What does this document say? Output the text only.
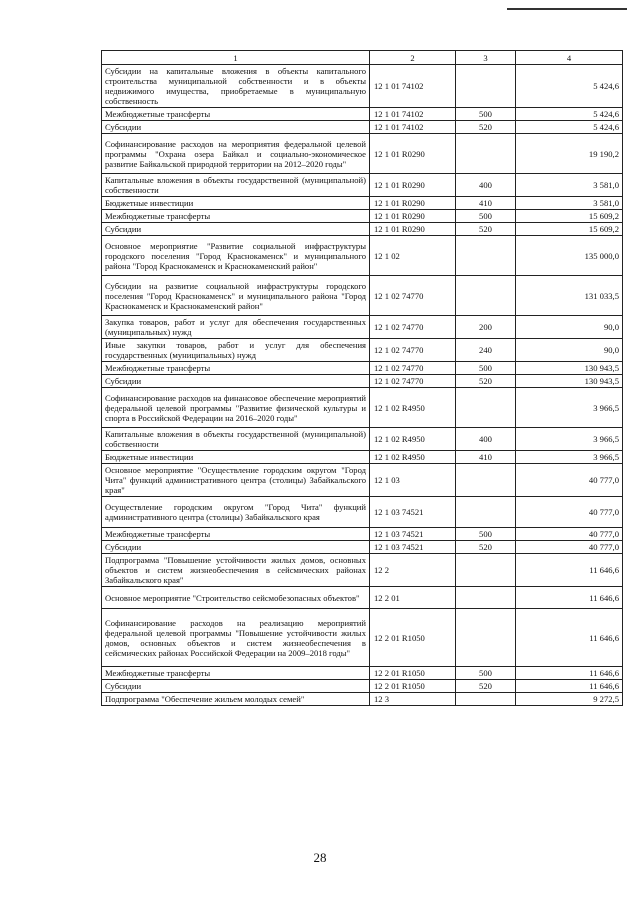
1	2	3	4
Субсидии на капитальные вложения в объекты капитального строительства муниципальной собственности и в объекты недвижимого имущества, приобретаемые в муниципальную собственность	12 1 01 74102		5 424,6
Межбюджетные трансферты	12 1 01 74102	500	5 424,6
Субсидии	12 1 01 74102	520	5 424,6
Софинансирование расходов на мероприятия федеральной целевой программы "Охрана озера Байкал и социально-экономическое развитие Байкальской природной территории на 2012–2020 годы"	12 1 01 R0290		19 190,2
Капитальные вложения в объекты государственной (муниципальной) собственности	12 1 01 R0290	400	3 581,0
Бюджетные инвестиции	12 1 01 R0290	410	3 581,0
Межбюджетные трансферты	12 1 01 R0290	500	15 609,2
Субсидии	12 1 01 R0290	520	15 609,2
Основное мероприятие "Развитие социальной инфраструктуры городского поселения "Город Краснокаменск" и муниципального района "Город Краснокаменск и Краснокаменский район"	12 1 02		135 000,0
Субсидии на развитие социальной инфраструктуры городского поселения "Город Краснокаменск" и муниципального района "Город Краснокаменск и Краснокаменский район"	12 1 02 74770		131 033,5
Закупка товаров, работ и услуг для обеспечения государственных (муниципальных) нужд	12 1 02 74770	200	90,0
Иные закупки товаров, работ и услуг для обеспечения государственных (муниципальных) нужд	12 1 02 74770	240	90,0
Межбюджетные трансферты	12 1 02 74770	500	130 943,5
Субсидии	12 1 02 74770	520	130 943,5
Софинансирование расходов на финансовое обеспечение мероприятий федеральной целевой программы "Развитие физической культуры и спорта в Российской Федерации на 2016–2020 годы"	12 1 02 R4950		3 966,5
Капитальные вложения в объекты государственной (муниципальной) собственности	12 1 02 R4950	400	3 966,5
Бюджетные инвестиции	12 1 02 R4950	410	3 966,5
Основное мероприятие "Осуществление городским округом "Город Чита" функций административного центра (столицы) Забайкальского края"	12 1 03		40 777,0
Осуществление городским округом "Город Чита" функций административного центра (столицы) Забайкальского края	12 1 03 74521		40 777,0
Межбюджетные трансферты	12 1 03 74521	500	40 777,0
Субсидии	12 1 03 74521	520	40 777,0
Подпрограмма "Повышение устойчивости жилых домов, основных объектов и систем жизнеобеспечения в сейсмических районах Забайкальского края"	12 2		11 646,6
Основное мероприятие "Строительство сейсмобезопасных объектов"	12 2 01		11 646,6
Софинансирование расходов на реализацию мероприятий федеральной целевой программы "Повышение устойчивости жилых домов, основных объектов и систем жизнеобеспечения в сейсмических районах Российской Федерации на 2009–2018 годы"	12 2 01 R1050		11 646,6
Межбюджетные трансферты	12 2 01 R1050	500	11 646,6
Субсидии	12 2 01 R1050	520	11 646,6
Подпрограмма "Обеспечение жильем молодых семей"	12 3		9 272,5
28
